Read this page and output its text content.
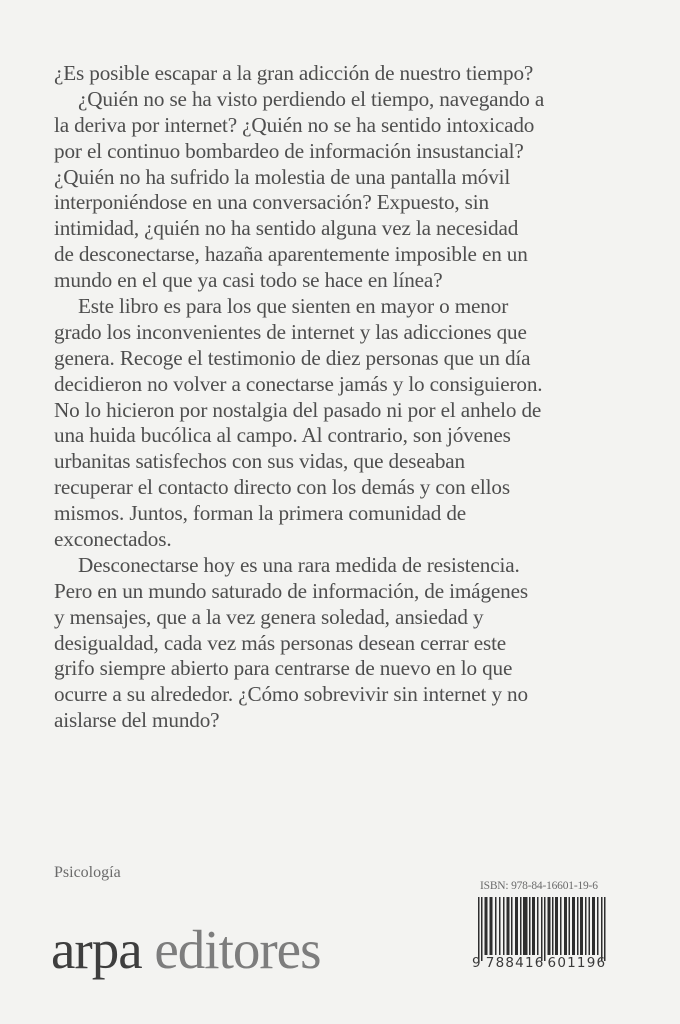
¿Es posible escapar a la gran adicción de nuestro tiempo?
¿Quién no se ha visto perdiendo el tiempo, navegando a
la deriva por internet? ¿Quién no se ha sentido intoxicado
por el continuo bombardeo de información insustancial?
¿Quién no ha sufrido la molestia de una pantalla móvil
interponiéndose en una conversación? Expuesto, sin
intimidad, ¿quién no ha sentido alguna vez la necesidad
de desconectarse, hazaña aparentemente imposible en un
mundo en el que ya casi todo se hace en línea?
Este libro es para los que sienten en mayor o menor
grado los inconvenientes de internet y las adicciones que
genera. Recoge el testimonio de diez personas que un día
decidieron no volver a conectarse jamás y lo consiguieron.
No lo hicieron por nostalgia del pasado ni por el anhelo de
una huida bucólica al campo. Al contrario, son jóvenes
urbanitas satisfechos con sus vidas, que deseaban
recuperar el contacto directo con los demás y con ellos
mismos. Juntos, forman la primera comunidad de
exconectados.
Desconectarse hoy es una rara medida de resistencia.
Pero en un mundo saturado de información, de imágenes
y mensajes, que a la vez genera soledad, ansiedad y
desigualdad, cada vez más personas desean cerrar este
grifo siempre abierto para centrarse de nuevo en lo que
ocurre a su alrededor. ¿Cómo sobrevivir sin internet y no
aislarse del mundo?
Psicología
arpa editores
ISBN: 978-84-16601-19-6
9 788416 601196
